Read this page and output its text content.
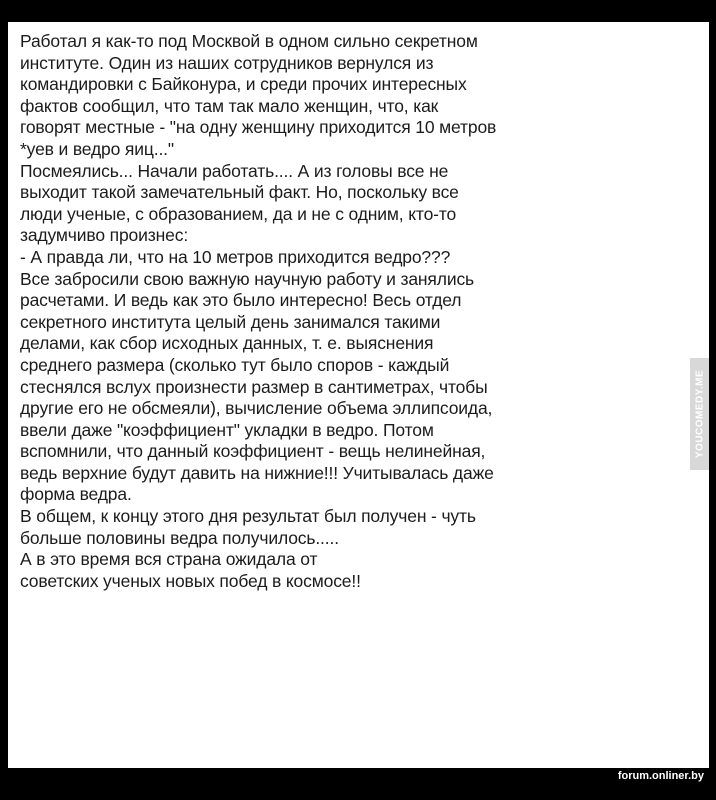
Работал я как-то под Москвой в одном сильно секретном
институте. Один из наших сотрудников вернулся из
командировки с Байконура, и среди прочих интересных
фактов сообщил, что там так мало женщин, что, как
говорят местные - "на одну женщину приходится 10 метров
*уев и ведро яиц..."
Посмеялись... Начали работать.... А из головы все не
выходит такой замечательный факт. Но, поскольку все
люди ученые, с образованием, да и не с одним, кто-то
задумчиво произнес:
- А правда ли, что на 10 метров приходится ведро???
Все забросили свою важную научную работу и занялись
расчетами. И ведь как это было интересно! Весь отдел
секретного института целый день занимался такими
делами, как сбор исходных данных, т. е. выяснения
среднего размера (сколько тут было споров - каждый
стеснялся вслух произнести размер в сантиметрах, чтобы
другие его не обсмеяли), вычисление объема эллипсоида,
ввели даже "коэффициент" укладки в ведро. Потом
вспомнили, что данный коэффициент - вещь нелинейная,
ведь верхние будут давить на нижние!!! Учитывалась даже
форма ведра.
В общем, к концу этого дня результат был получен - чуть
больше половины ведра получилось.....
А в это время вся страна ожидала от
советских ученых новых побед в космосе!!
YOUCOMEDY.ME
forum.onliner.by
